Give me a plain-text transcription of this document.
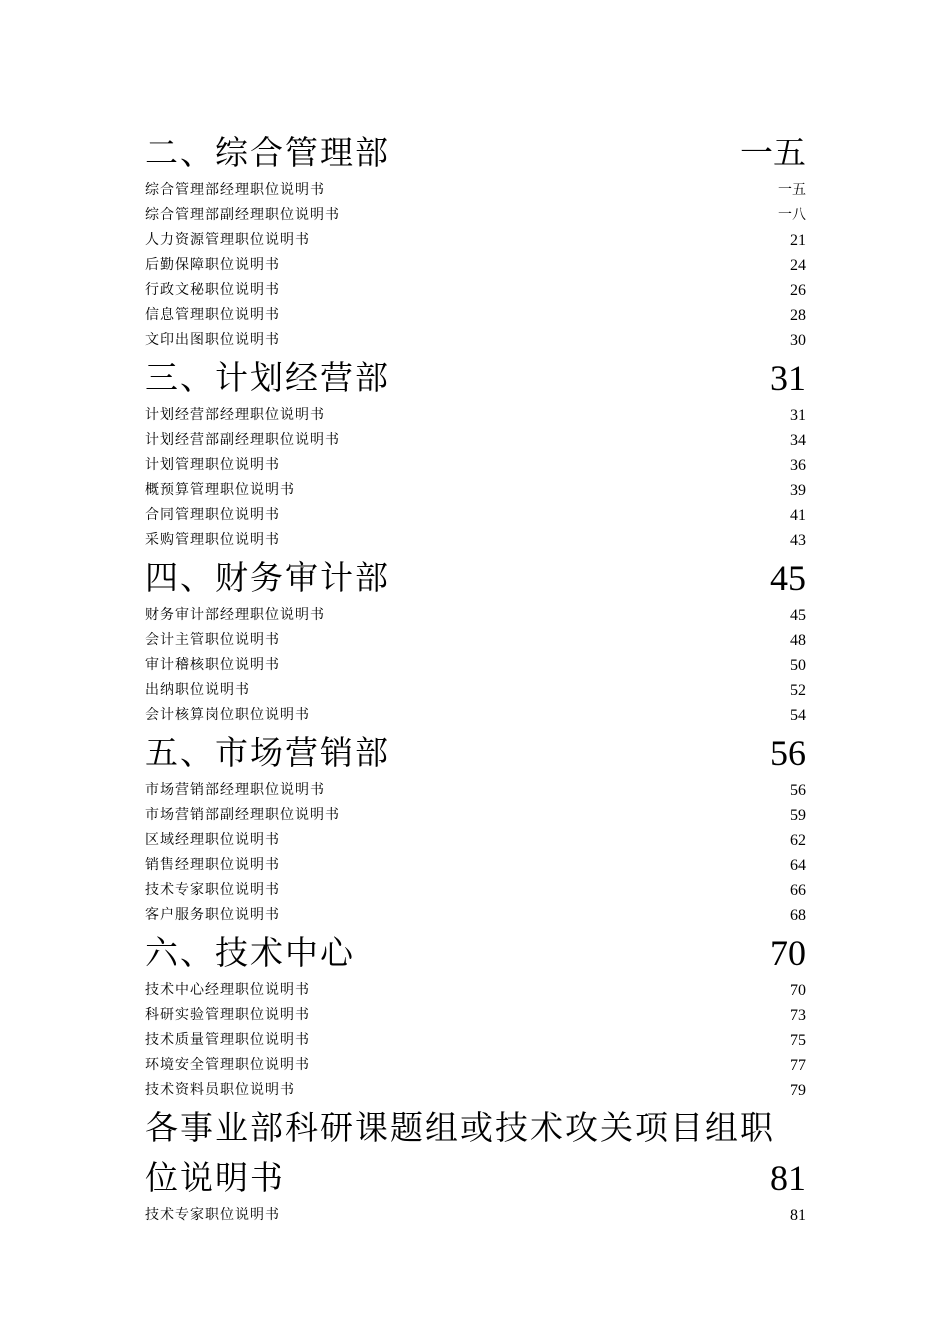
二、综合管理部	一五
综合管理部经理职位说明书	一五
综合管理部副经理职位说明书	一八
人力资源管理职位说明书	21
后勤保障职位说明书	24
行政文秘职位说明书	26
信息管理职位说明书	28
文印出图职位说明书	30
三、计划经营部	31
计划经营部经理职位说明书	31
计划经营部副经理职位说明书	34
计划管理职位说明书	36
概预算管理职位说明书	39
合同管理职位说明书	41
采购管理职位说明书	43
四、财务审计部	45
财务审计部经理职位说明书	45
会计主管职位说明书	48
审计稽核职位说明书	50
出纳职位说明书	52
会计核算岗位职位说明书	54
五、市场营销部	56
市场营销部经理职位说明书	56
市场营销部副经理职位说明书	59
区域经理职位说明书	62
销售经理职位说明书	64
技术专家职位说明书	66
客户服务职位说明书	68
六、技术中心	70
技术中心经理职位说明书	70
科研实验管理职位说明书	73
技术质量管理职位说明书	75
环境安全管理职位说明书	77
技术资料员职位说明书	79
各事业部科研课题组或技术攻关项目组职
位说明书	81
技术专家职位说明书	81
